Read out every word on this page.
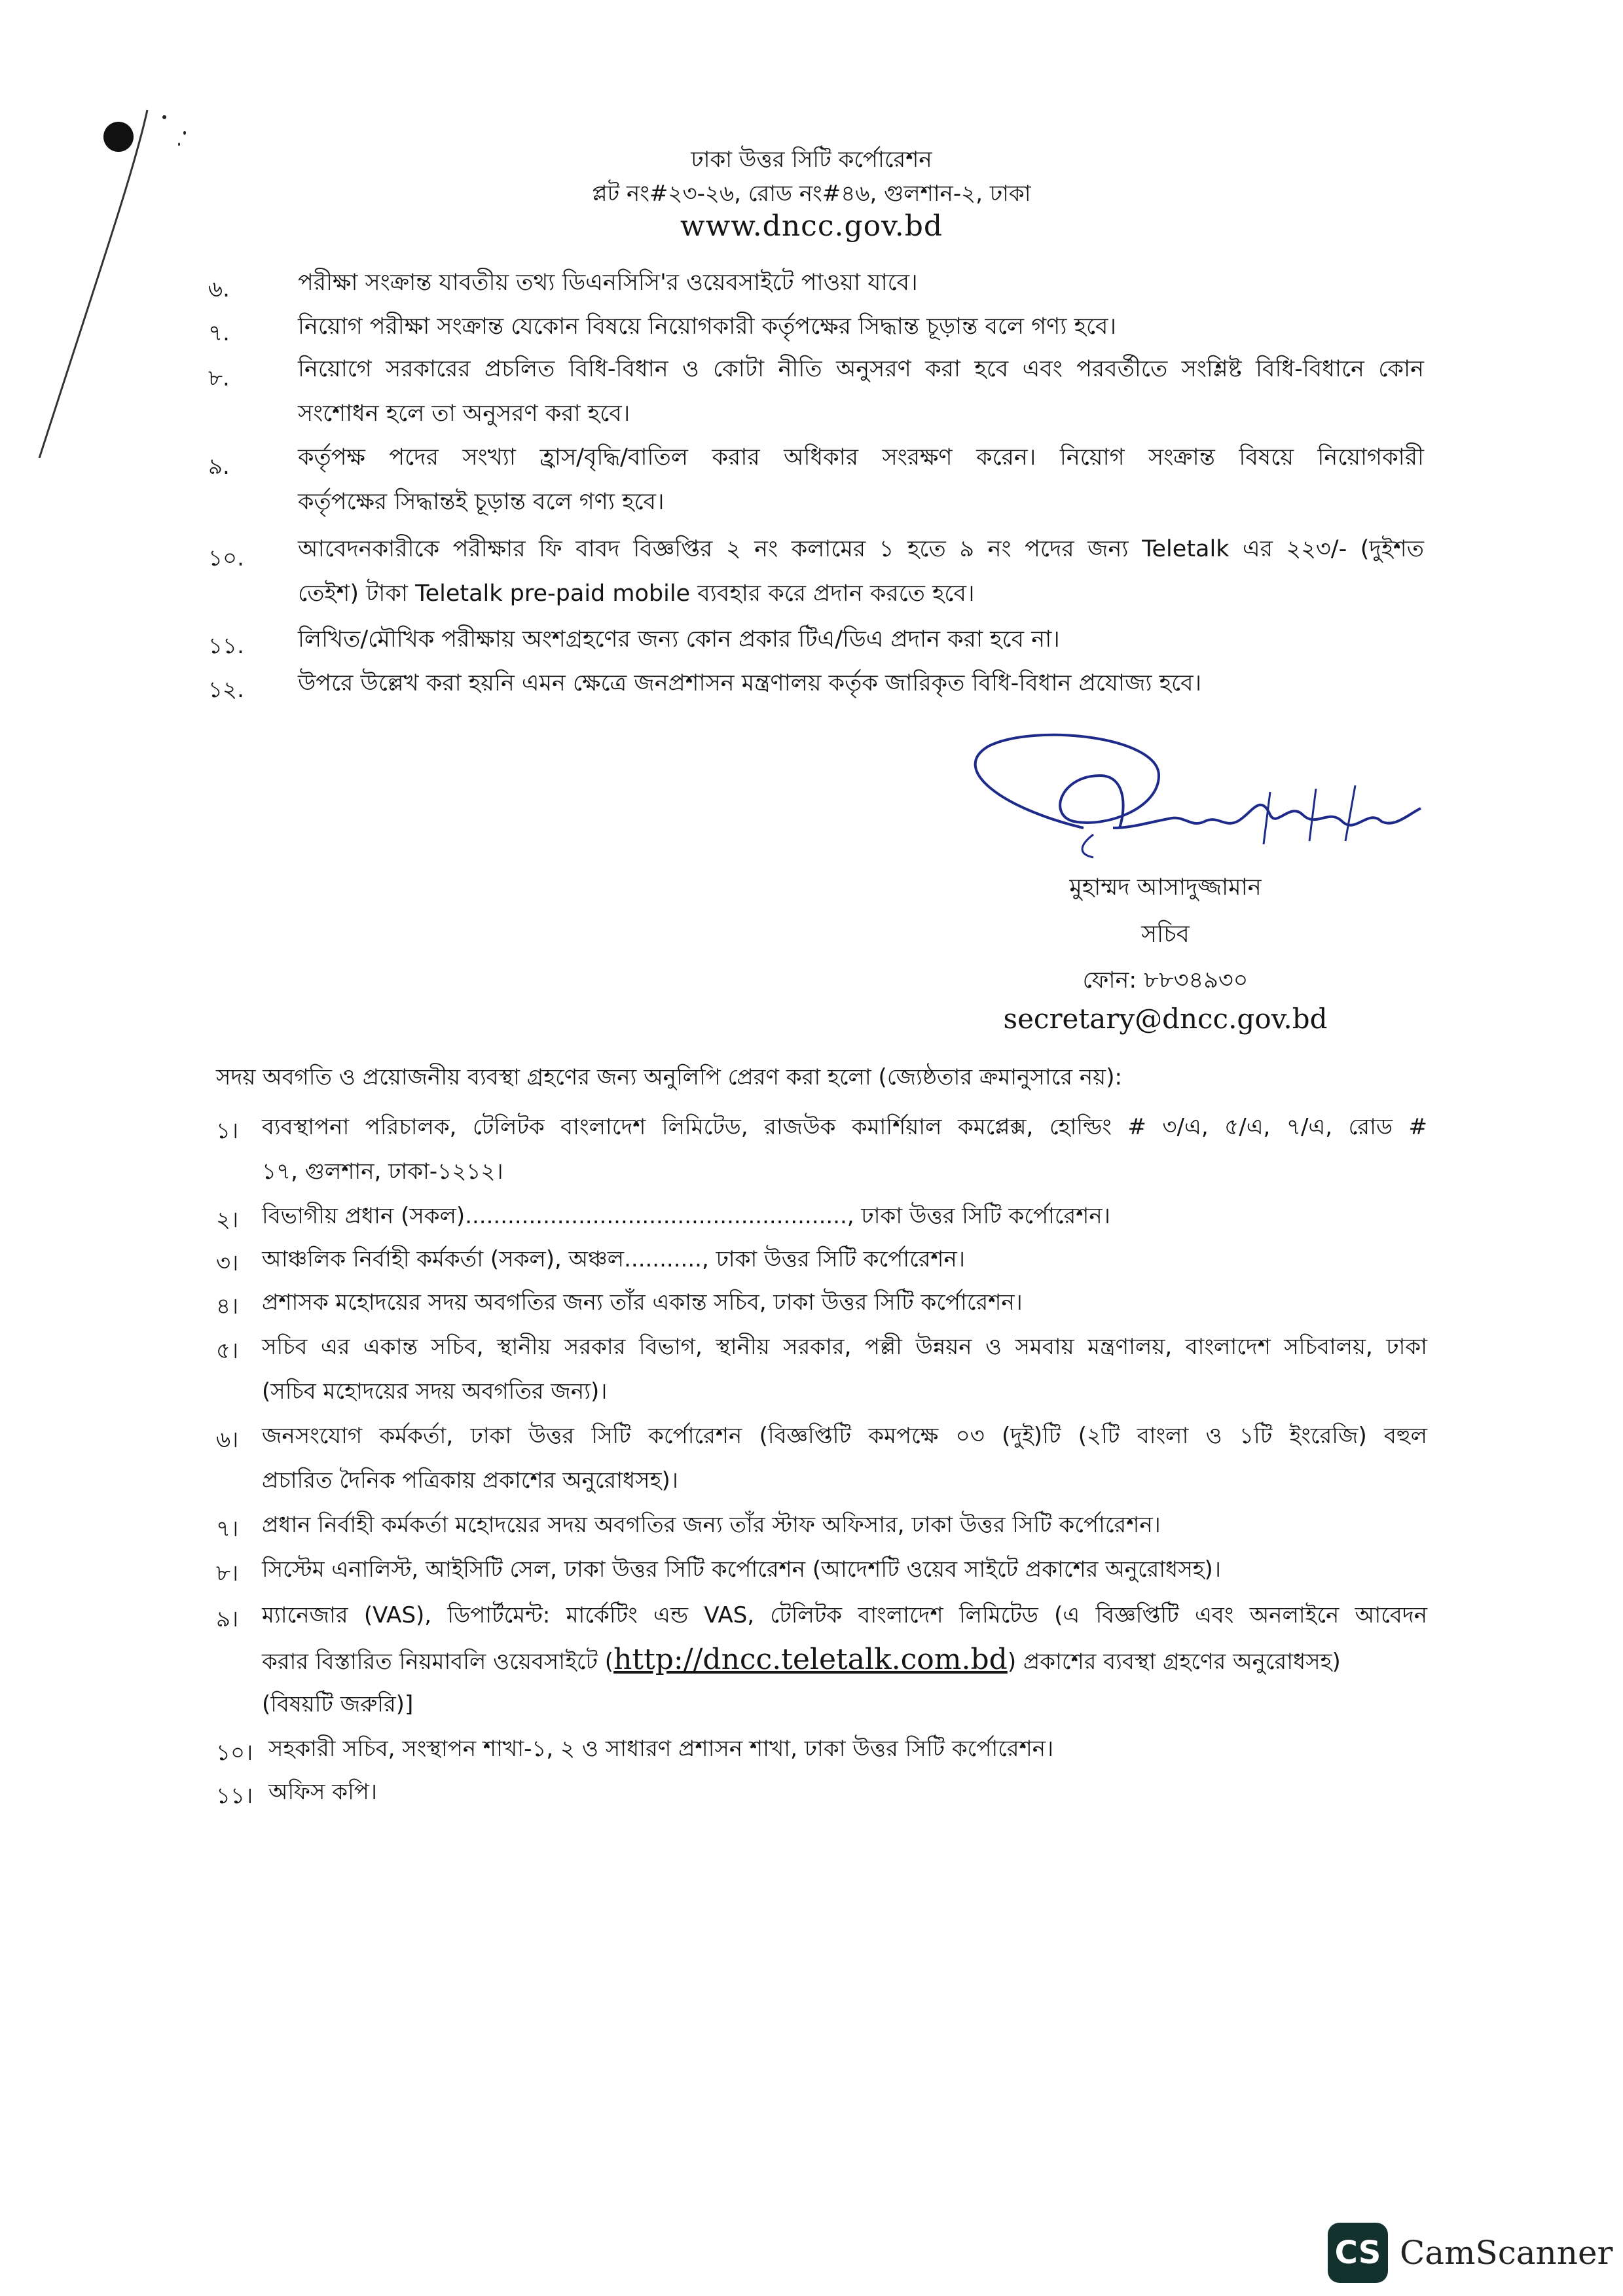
ঢাকা উত্তর সিটি কর্পোরেশন
প্লট নং#২৩-২৬, রোড নং#৪৬, গুলশান-২, ঢাকা
www.dncc.gov.bd
৬.	পরীক্ষা সংক্রান্ত যাবতীয় তথ্য ডিএনসিসি'র ওয়েবসাইটে পাওয়া যাবে।
৭.	নিয়োগ পরীক্ষা সংক্রান্ত যেকোন বিষয়ে নিয়োগকারী কর্তৃপক্ষের সিদ্ধান্ত চূড়ান্ত বলে গণ্য হবে।
৮.	নিয়োগে সরকারের প্রচলিত বিধি-বিধান ও কোটা নীতি অনুসরণ করা হবে এবং পরবর্তীতে সংশ্লিষ্ট বিধি-বিধানে কোন
সংশোধন হলে তা অনুসরণ করা হবে।
৯.	কর্তৃপক্ষ পদের সংখ্যা হ্রাস/বৃদ্ধি/বাতিল করার অধিকার সংরক্ষণ করেন। নিয়োগ সংক্রান্ত বিষয়ে নিয়োগকারী
কর্তৃপক্ষের সিদ্ধান্তই চূড়ান্ত বলে গণ্য হবে।
১০.	আবেদনকারীকে পরীক্ষার ফি বাবদ বিজ্ঞপ্তির ২ নং কলামের ১ হতে ৯ নং পদের জন্য Teletalk এর ২২৩/- (দুইশত
তেইশ) টাকা Teletalk pre-paid mobile ব্যবহার করে প্রদান করতে হবে।
১১.	লিখিত/মৌখিক পরীক্ষায় অংশগ্রহণের জন্য কোন প্রকার টিএ/ডিএ প্রদান করা হবে না।
১২.	উপরে উল্লেখ করা হয়নি এমন ক্ষেত্রে জনপ্রশাসন মন্ত্রণালয় কর্তৃক জারিকৃত বিধি-বিধান প্রযোজ্য হবে।
মুহাম্মদ আসাদুজ্জামান
সচিব
ফোন: ৮৮৩৪৯৩০
secretary@dncc.gov.bd
সদয় অবগতি ও প্রয়োজনীয় ব্যবস্থা গ্রহণের জন্য অনুলিপি প্রেরণ করা হলো (জ্যেষ্ঠতার ক্রমানুসারে নয়):
১।	ব্যবস্থাপনা পরিচালক, টেলিটক বাংলাদেশ লিমিটেড, রাজউক কমার্শিয়াল কমপ্লেক্স, হোল্ডিং # ৩/এ, ৫/এ, ৭/এ, রোড #
১৭, গুলশান, ঢাকা-১২১২।
২।	বিভাগীয় প্রধান (সকল)......................................................, ঢাকা উত্তর সিটি কর্পোরেশন।
৩।	আঞ্চলিক নির্বাহী কর্মকর্তা (সকল), অঞ্চল..........., ঢাকা উত্তর সিটি কর্পোরেশন।
৪।	প্রশাসক মহোদয়ের সদয় অবগতির জন্য তাঁর একান্ত সচিব, ঢাকা উত্তর সিটি কর্পোরেশন।
৫।	সচিব এর একান্ত সচিব, স্থানীয় সরকার বিভাগ, স্থানীয় সরকার, পল্লী উন্নয়ন ও সমবায় মন্ত্রণালয়, বাংলাদেশ সচিবালয়, ঢাকা
(সচিব মহোদয়ের সদয় অবগতির জন্য)।
৬।	জনসংযোগ কর্মকর্তা, ঢাকা উত্তর সিটি কর্পোরেশন (বিজ্ঞপ্তিটি কমপক্ষে ০৩ (দুই)টি (২টি বাংলা ও ১টি ইংরেজি) বহুল
প্রচারিত দৈনিক পত্রিকায় প্রকাশের অনুরোধসহ)।
৭।	প্রধান নির্বাহী কর্মকর্তা মহোদয়ের সদয় অবগতির জন্য তাঁর স্টাফ অফিসার, ঢাকা উত্তর সিটি কর্পোরেশন।
৮।	সিস্টেম এনালিস্ট, আইসিটি সেল, ঢাকা উত্তর সিটি কর্পোরেশন (আদেশটি ওয়েব সাইটে প্রকাশের অনুরোধসহ)।
৯।	ম্যানেজার (VAS), ডিপার্টমেন্ট: মার্কেটিং এন্ড VAS, টেলিটক বাংলাদেশ লিমিটেড (এ বিজ্ঞপ্তিটি এবং অনলাইনে আবেদন
করার বিস্তারিত নিয়মাবলি ওয়েবসাইটে (http://dncc.teletalk.com.bd) প্রকাশের ব্যবস্থা গ্রহণের অনুরোধসহ)
(বিষয়টি জরুরি)]
১০। সহকারী সচিব, সংস্থাপন শাখা-১, ২ ও সাধারণ প্রশাসন শাখা, ঢাকা উত্তর সিটি কর্পোরেশন।
১১। অফিস কপি।
CS CamScanner
